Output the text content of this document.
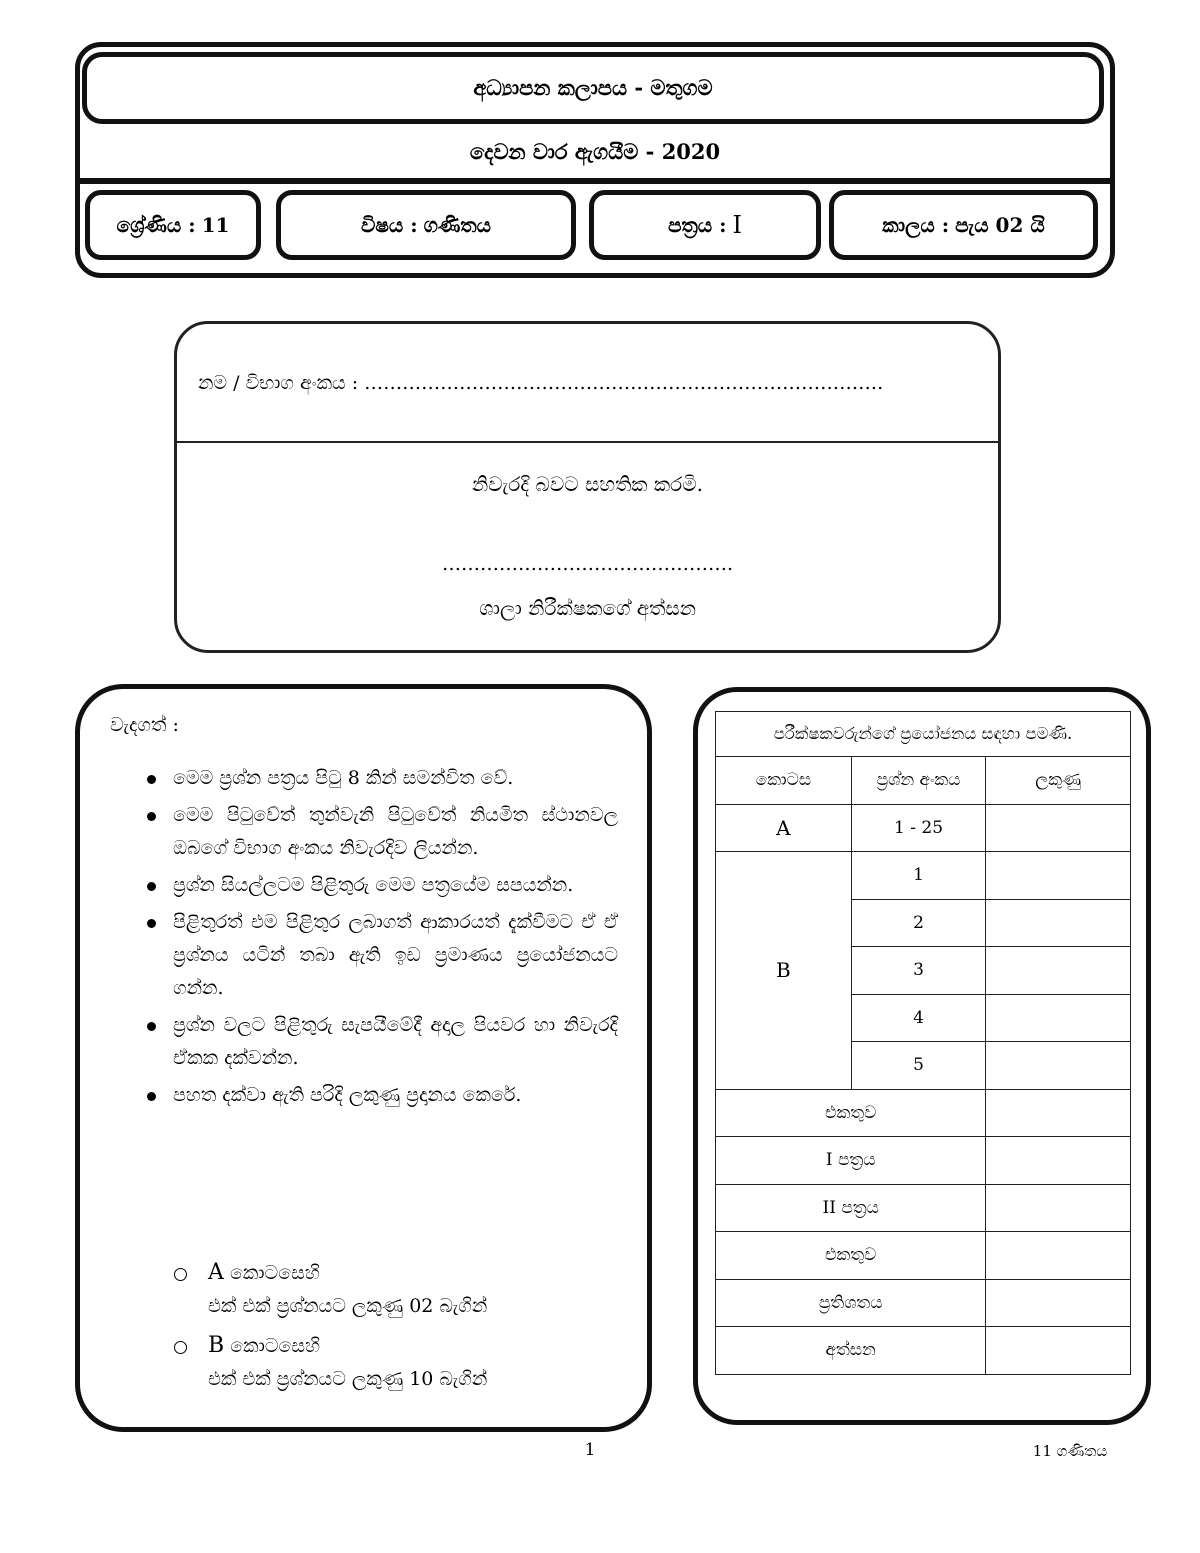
අධ්‍යාපන කලාපය - මතුගම
දෙවන වාර ඇගයීම - 2020
ශ්‍රේණිය : 11	විෂය : ගණිතය	පත්‍රය : I	කාලය : පැය 02 යි
නම / විභාග අංකය : ……………………………………………………………………….
නිවැරදි බවට සහතික කරමි.
……………………………………….
ශාලා නිරීක්ෂකගේ අත්සන
වැදගත් :
මෙම ප්‍රශ්න පත්‍රය පිටු 8 කින් සමන්විත වේ.
මෙම පිටුවේත් තුන්වැනි පිටුවේත් නියමිත ස්ථානවල ඔබගේ විභාග අංකය නිවැරදිව ලියන්න.
ප්‍රශ්න සියල්ලටම පිළිතුරු මෙම පත්‍රයේම සපයන්න.
පිළිතුරත් එම පිළිතුර ලබාගත් ආකාරයත් දැක්වීමට ඒ ඒ ප්‍රශ්නය යටින් තබා ඇති ඉඩ ප්‍රමාණය ප්‍රයෝජනයට ගන්න.
ප්‍රශ්න වලට පිළිතුරු සැපයීමේදී අදාල පියවර හා නිවැරදි ඒකක දක්වන්න.
පහත දක්වා ඇති පරිදි ලකුණු ප්‍රදානය කෙරේ.
A කොටසෙහි
එක් එක් ප්‍රශ්නයට ලකුණු 02 බැගින්
B කොටසෙහි
එක් එක් ප්‍රශ්නයට ලකුණු 10 බැගින්
පරීක්ෂකවරුන්ගේ ප්‍රයෝජනය සඳහා පමණි.		
කොටස	ප්‍රශ්න අංකය	ලකුණු
A	1 - 25	
B	1	
	2	
	3	
	4	
	5	
එකතුව		
I පත්‍රය		
II පත්‍රය		
එකතුව		
ප්‍රතිශතය		
අත්සන		
1	11 ගණිතය
